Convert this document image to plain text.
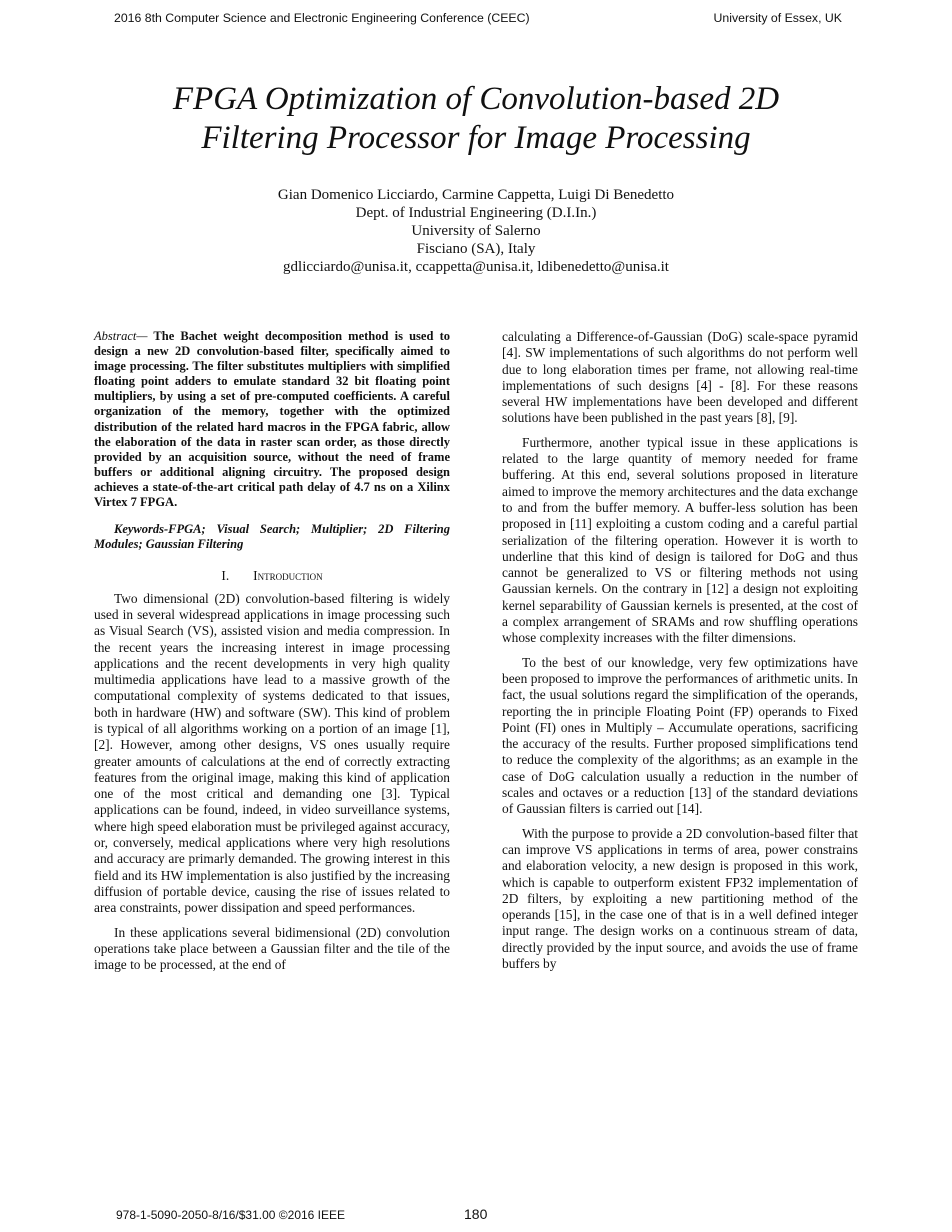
2016 8th Computer Science and Electronic Engineering Conference (CEEC)	University of Essex, UK
FPGA Optimization of Convolution-based 2D
Filtering Processor for Image Processing
Gian Domenico Licciardo, Carmine Cappetta, Luigi Di Benedetto
Dept. of Industrial Engineering (D.I.In.)
University of Salerno
Fisciano (SA), Italy
gdlicciardo@unisa.it, ccappetta@unisa.it, ldibenedetto@unisa.it

Abstract— The Bachet weight decomposition method is used to design a new 2D convolution-based filter, specifically aimed to image processing. The filter substitutes multipliers with simplified floating point adders to emulate standard 32 bit floating point multipliers, by using a set of pre-computed coefficients. A careful organization of the memory, together with the optimized distribution of the related hard macros in the FPGA fabric, allow the elaboration of the data in raster scan order, as those directly provided by an acquisition source, without the need of frame buffers or additional aligning circuitry. The proposed design achieves a state-of-the-art critical path delay of 4.7 ns on a Xilinx Virtex 7 FPGA.

Keywords-FPGA; Visual Search; Multiplier; 2D Filtering Modules; Gaussian Filtering

I. Introduction

Two dimensional (2D) convolution-based filtering is widely used in several widespread applications in image processing such as Visual Search (VS), assisted vision and media compression. In the recent years the increasing interest in image processing applications and the recent developments in very high quality multimedia applications have lead to a massive growth of the computational complexity of systems dedicated to that issues, both in hardware (HW) and software (SW). This kind of problem is typical of all algorithms working on a portion of an image [1], [2]. However, among other designs, VS ones usually require greater amounts of calculations at the end of correctly extracting features from the original image, making this kind of application one of the most critical and demanding one [3]. Typical applications can be found, indeed, in video surveillance systems, where high speed elaboration must be privileged against accuracy, or, conversely, medical applications where very high resolutions and accuracy are primarly demanded. The growing interest in this field and its HW implementation is also justified by the increasing diffusion of portable device, causing the rise of issues related to area constraints, power dissipation and speed performances.

In these applications several bidimensional (2D) convolution operations take place between a Gaussian filter and the tile of the image to be processed, at the end of

calculating a Difference-of-Gaussian (DoG) scale-space pyramid [4]. SW implementations of such algorithms do not perform well due to long elaboration times per frame, not allowing real-time implementations of such designs [4] - [8]. For these reasons several HW implementations have been developed and different solutions have been published in the past years [8], [9].

Furthermore, another typical issue in these applications is related to the large quantity of memory needed for frame buffering. At this end, several solutions proposed in literature aimed to improve the memory architectures and the data exchange to and from the buffer memory. A buffer-less solution has been proposed in [11] exploiting a custom coding and a careful partial serialization of the filtering operation. However it is worth to underline that this kind of design is tailored for DoG and thus cannot be generalized to VS or filtering methods not using Gaussian kernels. On the contrary in [12] a design not exploiting kernel separability of Gaussian kernels is presented, at the cost of a complex arrangement of SRAMs and row shuffling operations whose complexity increases with the filter dimensions.

To the best of our knowledge, very few optimizations have been proposed to improve the performances of arithmetic units. In fact, the usual solutions regard the simplification of the operands, reporting the in principle Floating Point (FP) operands to Fixed Point (FI) ones in Multiply – Accumulate operations, sacrificing the accuracy of the results. Further proposed simplifications tend to reduce the complexity of the algorithms; as an example in the case of DoG calculation usually a reduction in the number of scales and octaves or a reduction [13] of the standard deviations of Gaussian filters is carried out [14].

With the purpose to provide a 2D convolution-based filter that can improve VS applications in terms of area, power constrains and elaboration velocity, a new design is proposed in this work, which is capable to outperform existent FP32 implementation of 2D filters, by exploiting a new partitioning method of the operands [15], in the case one of that is in a well defined integer input range. The design works on a continuous stream of data, directly provided by the input source, and avoids the use of frame buffers by

978-1-5090-2050-8/16/$31.00 ©2016 IEEE	180
